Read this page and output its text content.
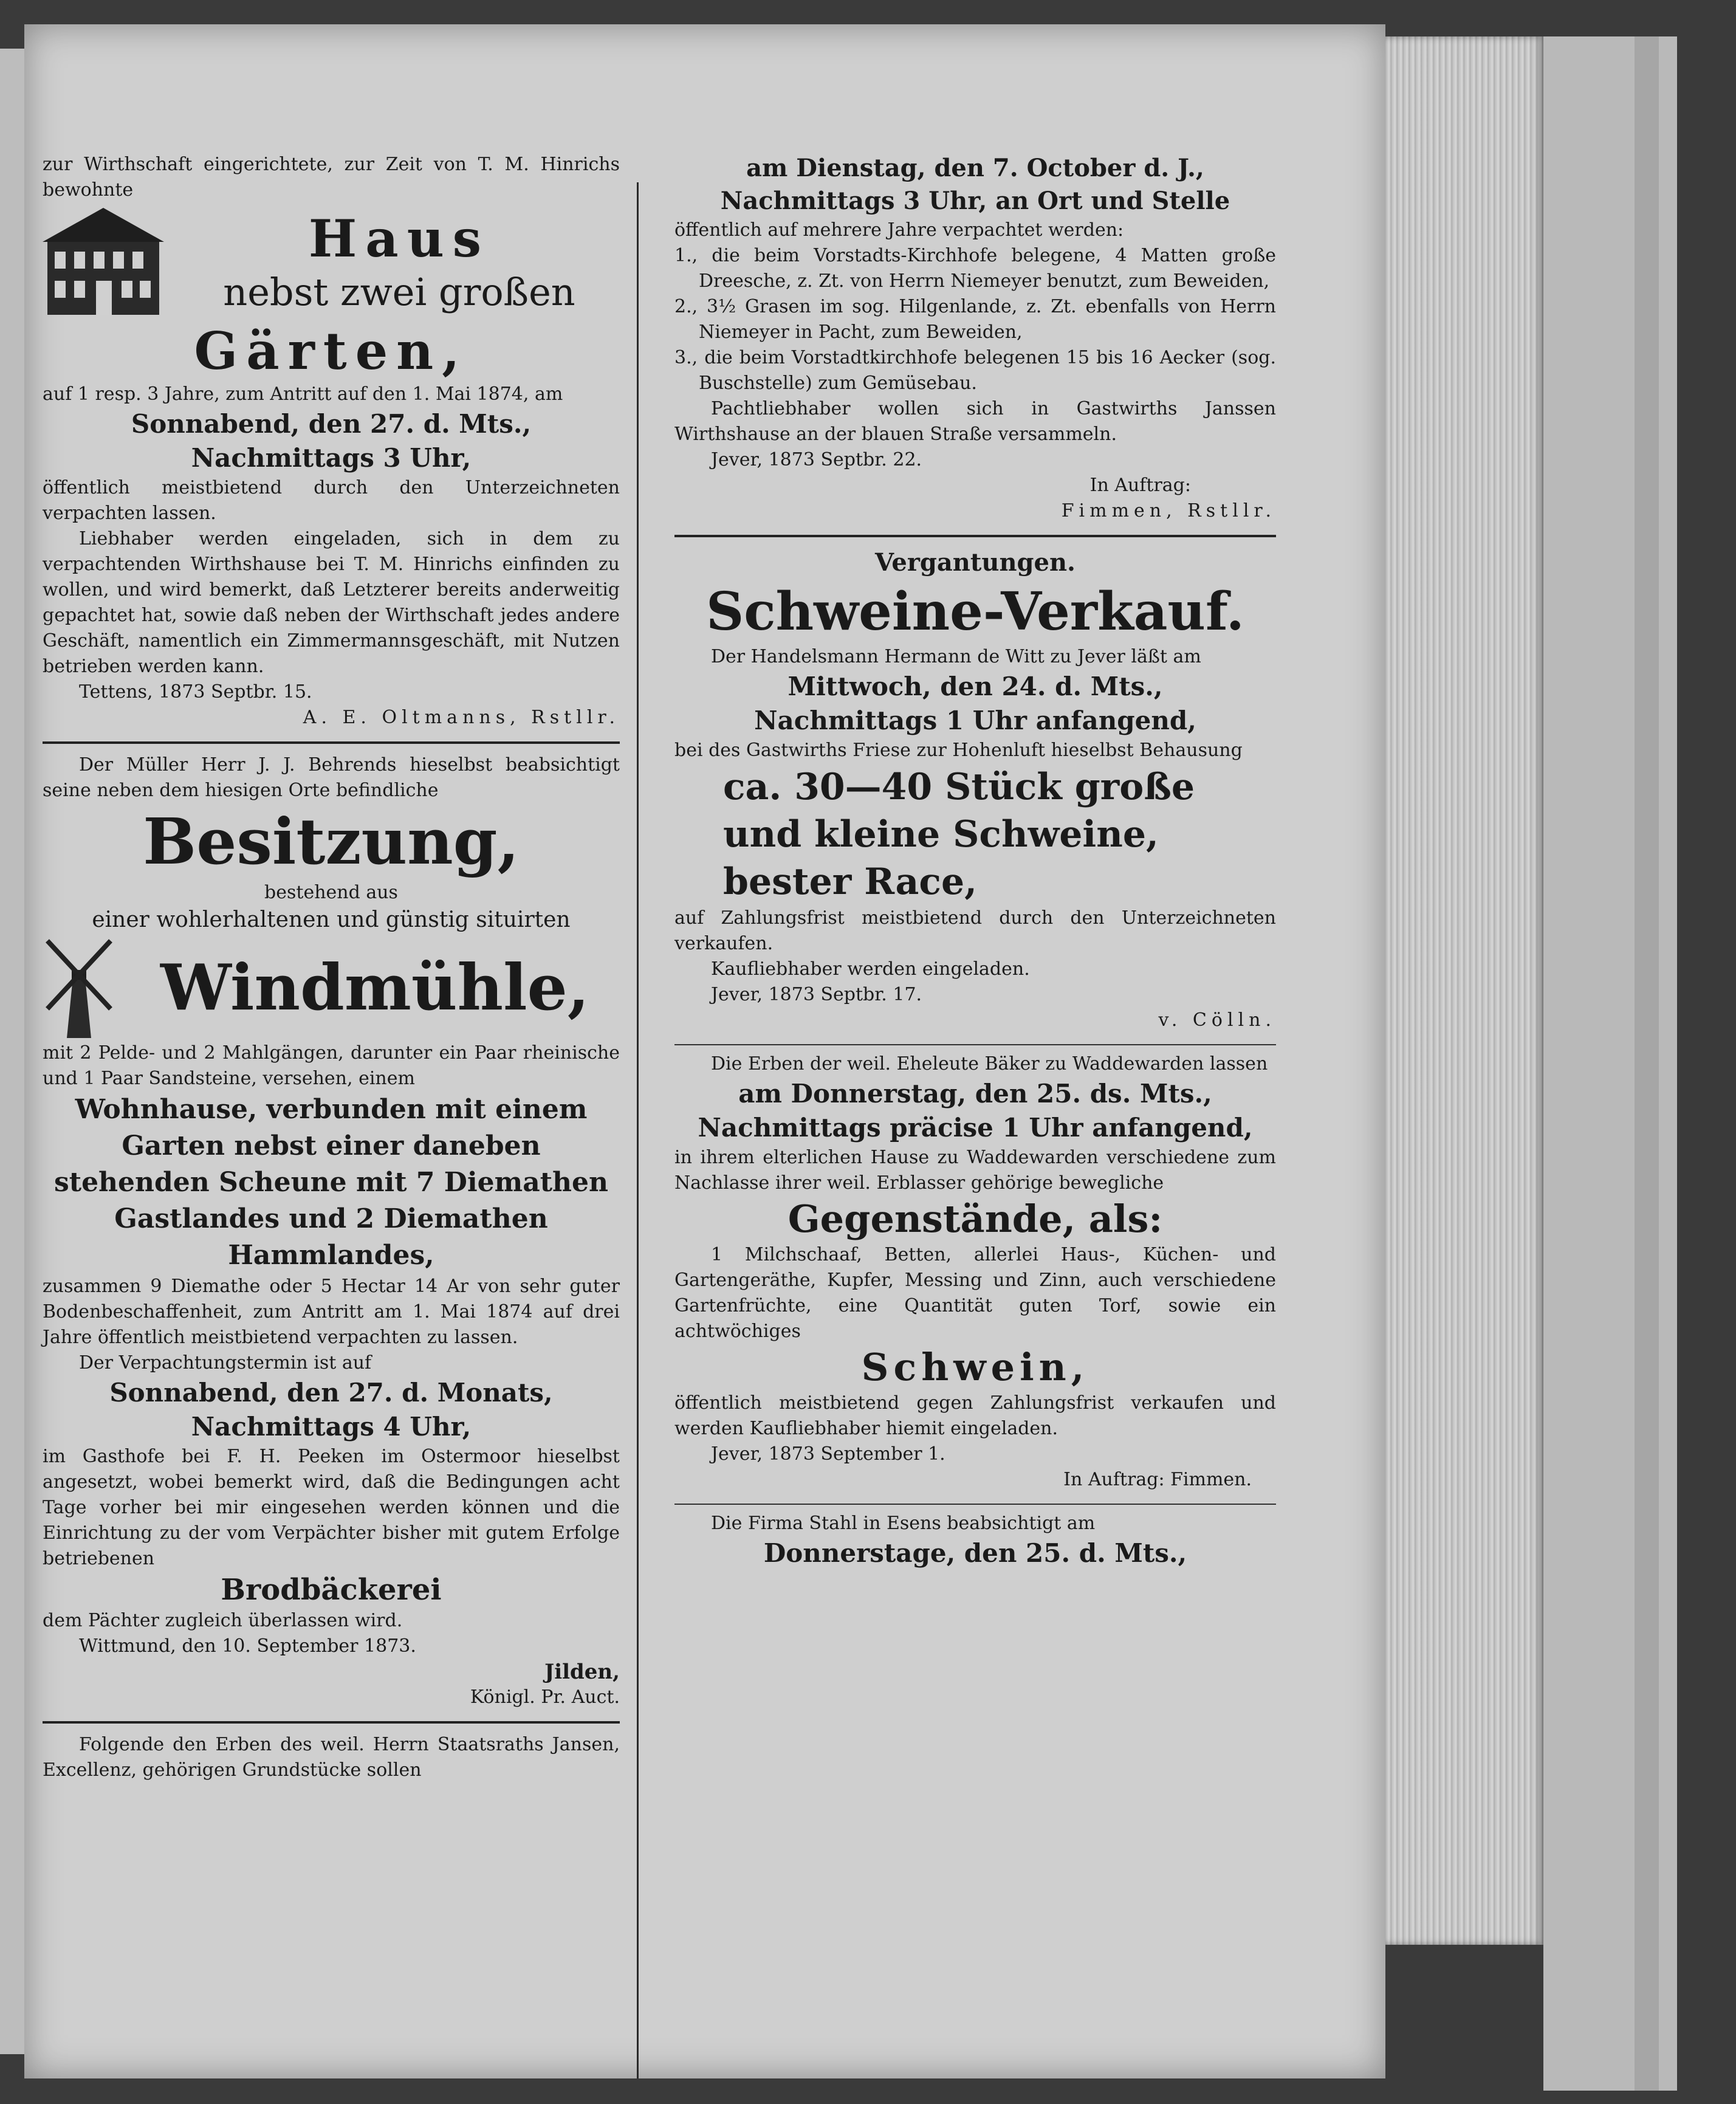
zur Wirthschaft eingerichtete, zur Zeit von T. M. Hinrichs bewohnte

Haus
nebst zwei großen
Gärten,

auf 1 resp. 3 Jahre, zum Antritt auf den 1. Mai 1874, am

Sonnabend, den 27. d. Mts.,
Nachmittags 3 Uhr,

öffentlich meistbietend durch den Unterzeichneten verpachten lassen.

Liebhaber werden eingeladen, sich in dem zu verpachtenden Wirthshause bei T. M. Hinrichs einfinden zu wollen, und wird bemerkt, daß Letzterer bereits anderweitig gepachtet hat, sowie daß neben der Wirthschaft jedes andere Geschäft, namentlich ein Zimmermannsgeschäft, mit Nutzen betrieben werden kann.

Tettens, 1873 Septbr. 15.

A. E. Oltmanns, Rstllr.

Der Müller Herr J. J. Behrends hieselbst beabsichtigt seine neben dem hiesigen Orte befindliche

Besitzung,

bestehend aus

einer wohlerhaltenen und günstig situirten

Windmühle,

mit 2 Pelde- und 2 Mahlgängen, darunter ein Paar rheinische und 1 Paar Sandsteine, versehen, einem

Wohnhause, verbunden mit einem Garten nebst einer daneben stehenden Scheune mit 7 Diemathen Gastlandes und 2 Diemathen Hammlandes,

zusammen 9 Diemathe oder 5 Hectar 14 Ar von sehr guter Bodenbeschaffenheit, zum Antritt am 1. Mai 1874 auf drei Jahre öffentlich meistbietend verpachten zu lassen.

Der Verpachtungstermin ist auf

Sonnabend, den 27. d. Monats,
Nachmittags 4 Uhr,

im Gasthofe bei F. H. Peeken im Ostermoor hieselbst angesetzt, wobei bemerkt wird, daß die Bedingungen acht Tage vorher bei mir eingesehen werden können und die Einrichtung zu der vom Verpächter bisher mit gutem Erfolge betriebenen

Brodbäckerei

dem Pächter zugleich überlassen wird.

Wittmund, den 10. September 1873.

Jilden,

Königl. Pr. Auct.

Folgende den Erben des weil. Herrn Staatsraths Jansen, Excellenz, gehörigen Grundstücke sollen

am Dienstag, den 7. October d. J., Nachmittags 3 Uhr, an Ort und Stelle

öffentlich auf mehrere Jahre verpachtet werden:

1., die beim Vorstadts-Kirchhofe belegene, 4 Matten große Dreesche, z. Zt. von Herrn Niemeyer benutzt, zum Beweiden,

2., 3½ Grasen im sog. Hilgenlande, z. Zt. ebenfalls von Herrn Niemeyer in Pacht, zum Beweiden,

3., die beim Vorstadtkirchhofe belegenen 15 bis 16 Aecker (sog. Buschstelle) zum Gemüsebau.

Pachtliebhaber wollen sich in Gastwirths Janssen Wirthshause an der blauen Straße versammeln.

Jever, 1873 Septbr. 22.

In Auftrag:

Fimmen, Rstllr.

Vergantungen.
Schweine-Verkauf.

Der Handelsmann Hermann de Witt zu Jever läßt am

Mittwoch, den 24. d. Mts.,
Nachmittags 1 Uhr anfangend,

bei des Gastwirths Friese zur Hohenluft hieselbst Behausung

ca. 30—40 Stück große und kleine Schweine, bester Race,

auf Zahlungsfrist meistbietend durch den Unterzeichneten verkaufen.

Kaufliebhaber werden eingeladen.

Jever, 1873 Septbr. 17.

v. Cölln.

Die Erben der weil. Eheleute Bäker zu Waddewarden lassen

am Donnerstag, den 25. ds. Mts.,
Nachmittags präcise 1 Uhr anfangend,

in ihrem elterlichen Hause zu Waddewarden verschiedene zum Nachlasse ihrer weil. Erblasser gehörige bewegliche

Gegenstände, als:

1 Milchschaaf, Betten, allerlei Haus-, Küchen- und Gartengeräthe, Kupfer, Messing und Zinn, auch verschiedene Gartenfrüchte, eine Quantität guten Torf, sowie ein achtwöchiges

Schwein,

öffentlich meistbietend gegen Zahlungsfrist verkaufen und werden Kaufliebhaber hiemit eingeladen.

Jever, 1873 September 1.

In Auftrag: Fimmen.

Die Firma Stahl in Esens beabsichtigt am

Donnerstage, den 25. d. Mts.,
